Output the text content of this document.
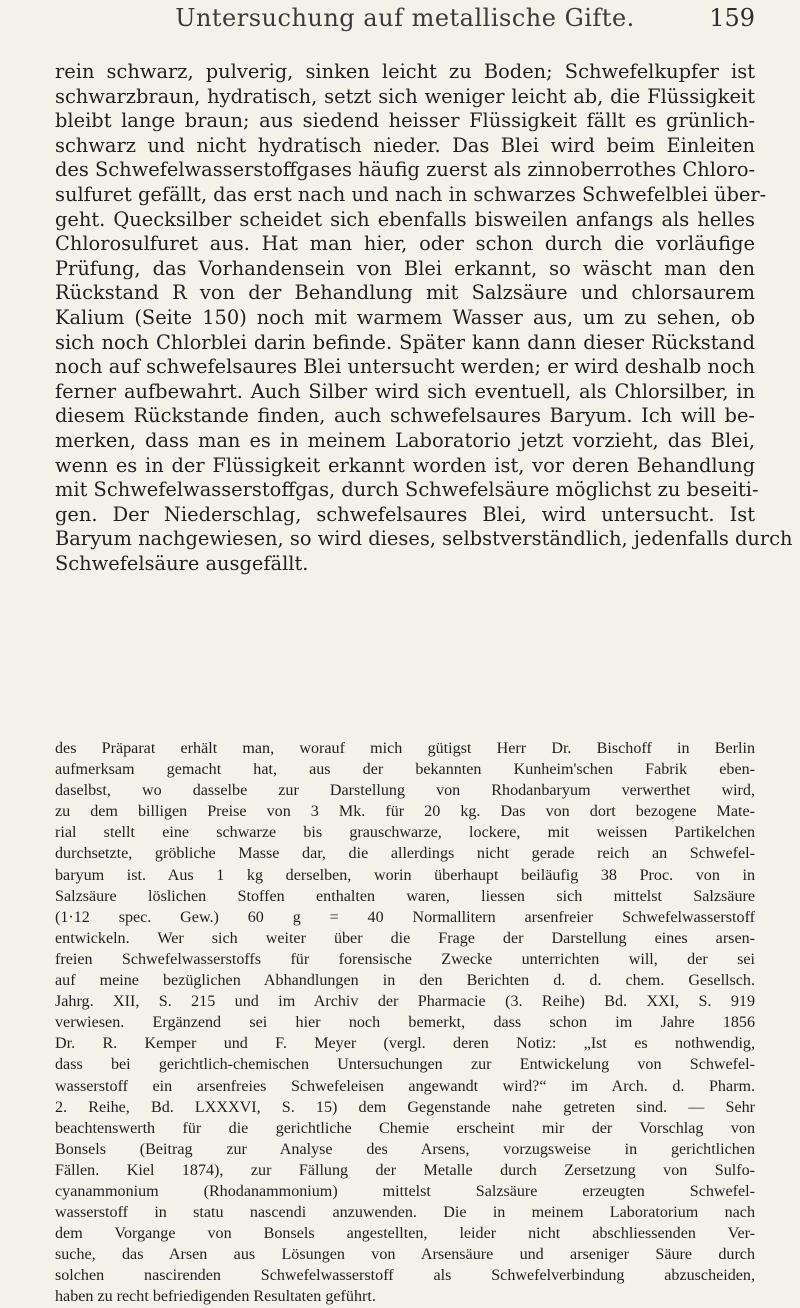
Untersuchung auf metallische Gifte.	159
rein schwarz, pulverig, sinken leicht zu Boden; Schwefelkupfer ist
schwarzbraun, hydratisch, setzt sich weniger leicht ab, die Flüssigkeit
bleibt lange braun; aus siedend heisser Flüssigkeit fällt es grünlich-
schwarz und nicht hydratisch nieder. Das Blei wird beim Einleiten
des Schwefelwasserstoffgases häufig zuerst als zinnoberrothes Chloro-
sulfuret gefällt, das erst nach und nach in schwarzes Schwefelblei über-
geht. Quecksilber scheidet sich ebenfalls bisweilen anfangs als helles
Chlorosulfuret aus. Hat man hier, oder schon durch die vorläufige
Prüfung, das Vorhandensein von Blei erkannt, so wäscht man den
Rückstand R von der Behandlung mit Salzsäure und chlorsaurem
Kalium (Seite 150) noch mit warmem Wasser aus, um zu sehen, ob
sich noch Chlorblei darin befinde. Später kann dann dieser Rückstand
noch auf schwefelsaures Blei untersucht werden; er wird deshalb noch
ferner aufbewahrt. Auch Silber wird sich eventuell, als Chlorsilber, in
diesem Rückstande finden, auch schwefelsaures Baryum. Ich will be-
merken, dass man es in meinem Laboratorio jetzt vorzieht, das Blei,
wenn es in der Flüssigkeit erkannt worden ist, vor deren Behandlung
mit Schwefelwasserstoffgas, durch Schwefelsäure möglichst zu beseiti-
gen. Der Niederschlag, schwefelsaures Blei, wird untersucht. Ist
Baryum nachgewiesen, so wird dieses, selbstverständlich, jedenfalls durch
Schwefelsäure ausgefällt.
des Präparat erhält man, worauf mich gütigst Herr Dr. Bischoff in Berlin
aufmerksam gemacht hat, aus der bekannten Kunheim'schen Fabrik eben-
daselbst, wo dasselbe zur Darstellung von Rhodanbaryum verwerthet wird,
zu dem billigen Preise von 3 Mk. für 20 kg. Das von dort bezogene Mate-
rial stellt eine schwarze bis grauschwarze, lockere, mit weissen Partikelchen
durchsetzte, gröbliche Masse dar, die allerdings nicht gerade reich an Schwefel-
baryum ist. Aus 1 kg derselben, worin überhaupt beiläufig 38 Proc. von in
Salzsäure löslichen Stoffen enthalten waren, liessen sich mittelst Salzsäure
(1·12 spec. Gew.) 60 g = 40 Normallitern arsenfreier Schwefelwasserstoff
entwickeln. Wer sich weiter über die Frage der Darstellung eines arsen-
freien Schwefelwasserstoffs für forensische Zwecke unterrichten will, der sei
auf meine bezüglichen Abhandlungen in den Berichten d. d. chem. Gesellsch.
Jahrg. XII, S. 215 und im Archiv der Pharmacie (3. Reihe) Bd. XXI, S. 919
verwiesen. Ergänzend sei hier noch bemerkt, dass schon im Jahre 1856
Dr. R. Kemper und F. Meyer (vergl. deren Notiz: „Ist es nothwendig,
dass bei gerichtlich-chemischen Untersuchungen zur Entwickelung von Schwefel-
wasserstoff ein arsenfreies Schwefeleisen angewandt wird?“ im Arch. d. Pharm.
2. Reihe, Bd. LXXXVI, S. 15) dem Gegenstande nahe getreten sind. — Sehr
beachtenswerth für die gerichtliche Chemie erscheint mir der Vorschlag von
Bonsels (Beitrag zur Analyse des Arsens, vorzugsweise in gerichtlichen
Fällen. Kiel 1874), zur Fällung der Metalle durch Zersetzung von Sulfo-
cyanammonium (Rhodanammonium) mittelst Salzsäure erzeugten Schwefel-
wasserstoff in statu nascendi anzuwenden. Die in meinem Laboratorium nach
dem Vorgange von Bonsels angestellten, leider nicht abschliessenden Ver-
suche, das Arsen aus Lösungen von Arsensäure und arseniger Säure durch
solchen nascirenden Schwefelwasserstoff als Schwefelverbindung abzuscheiden,
haben zu recht befriedigenden Resultaten geführt.
